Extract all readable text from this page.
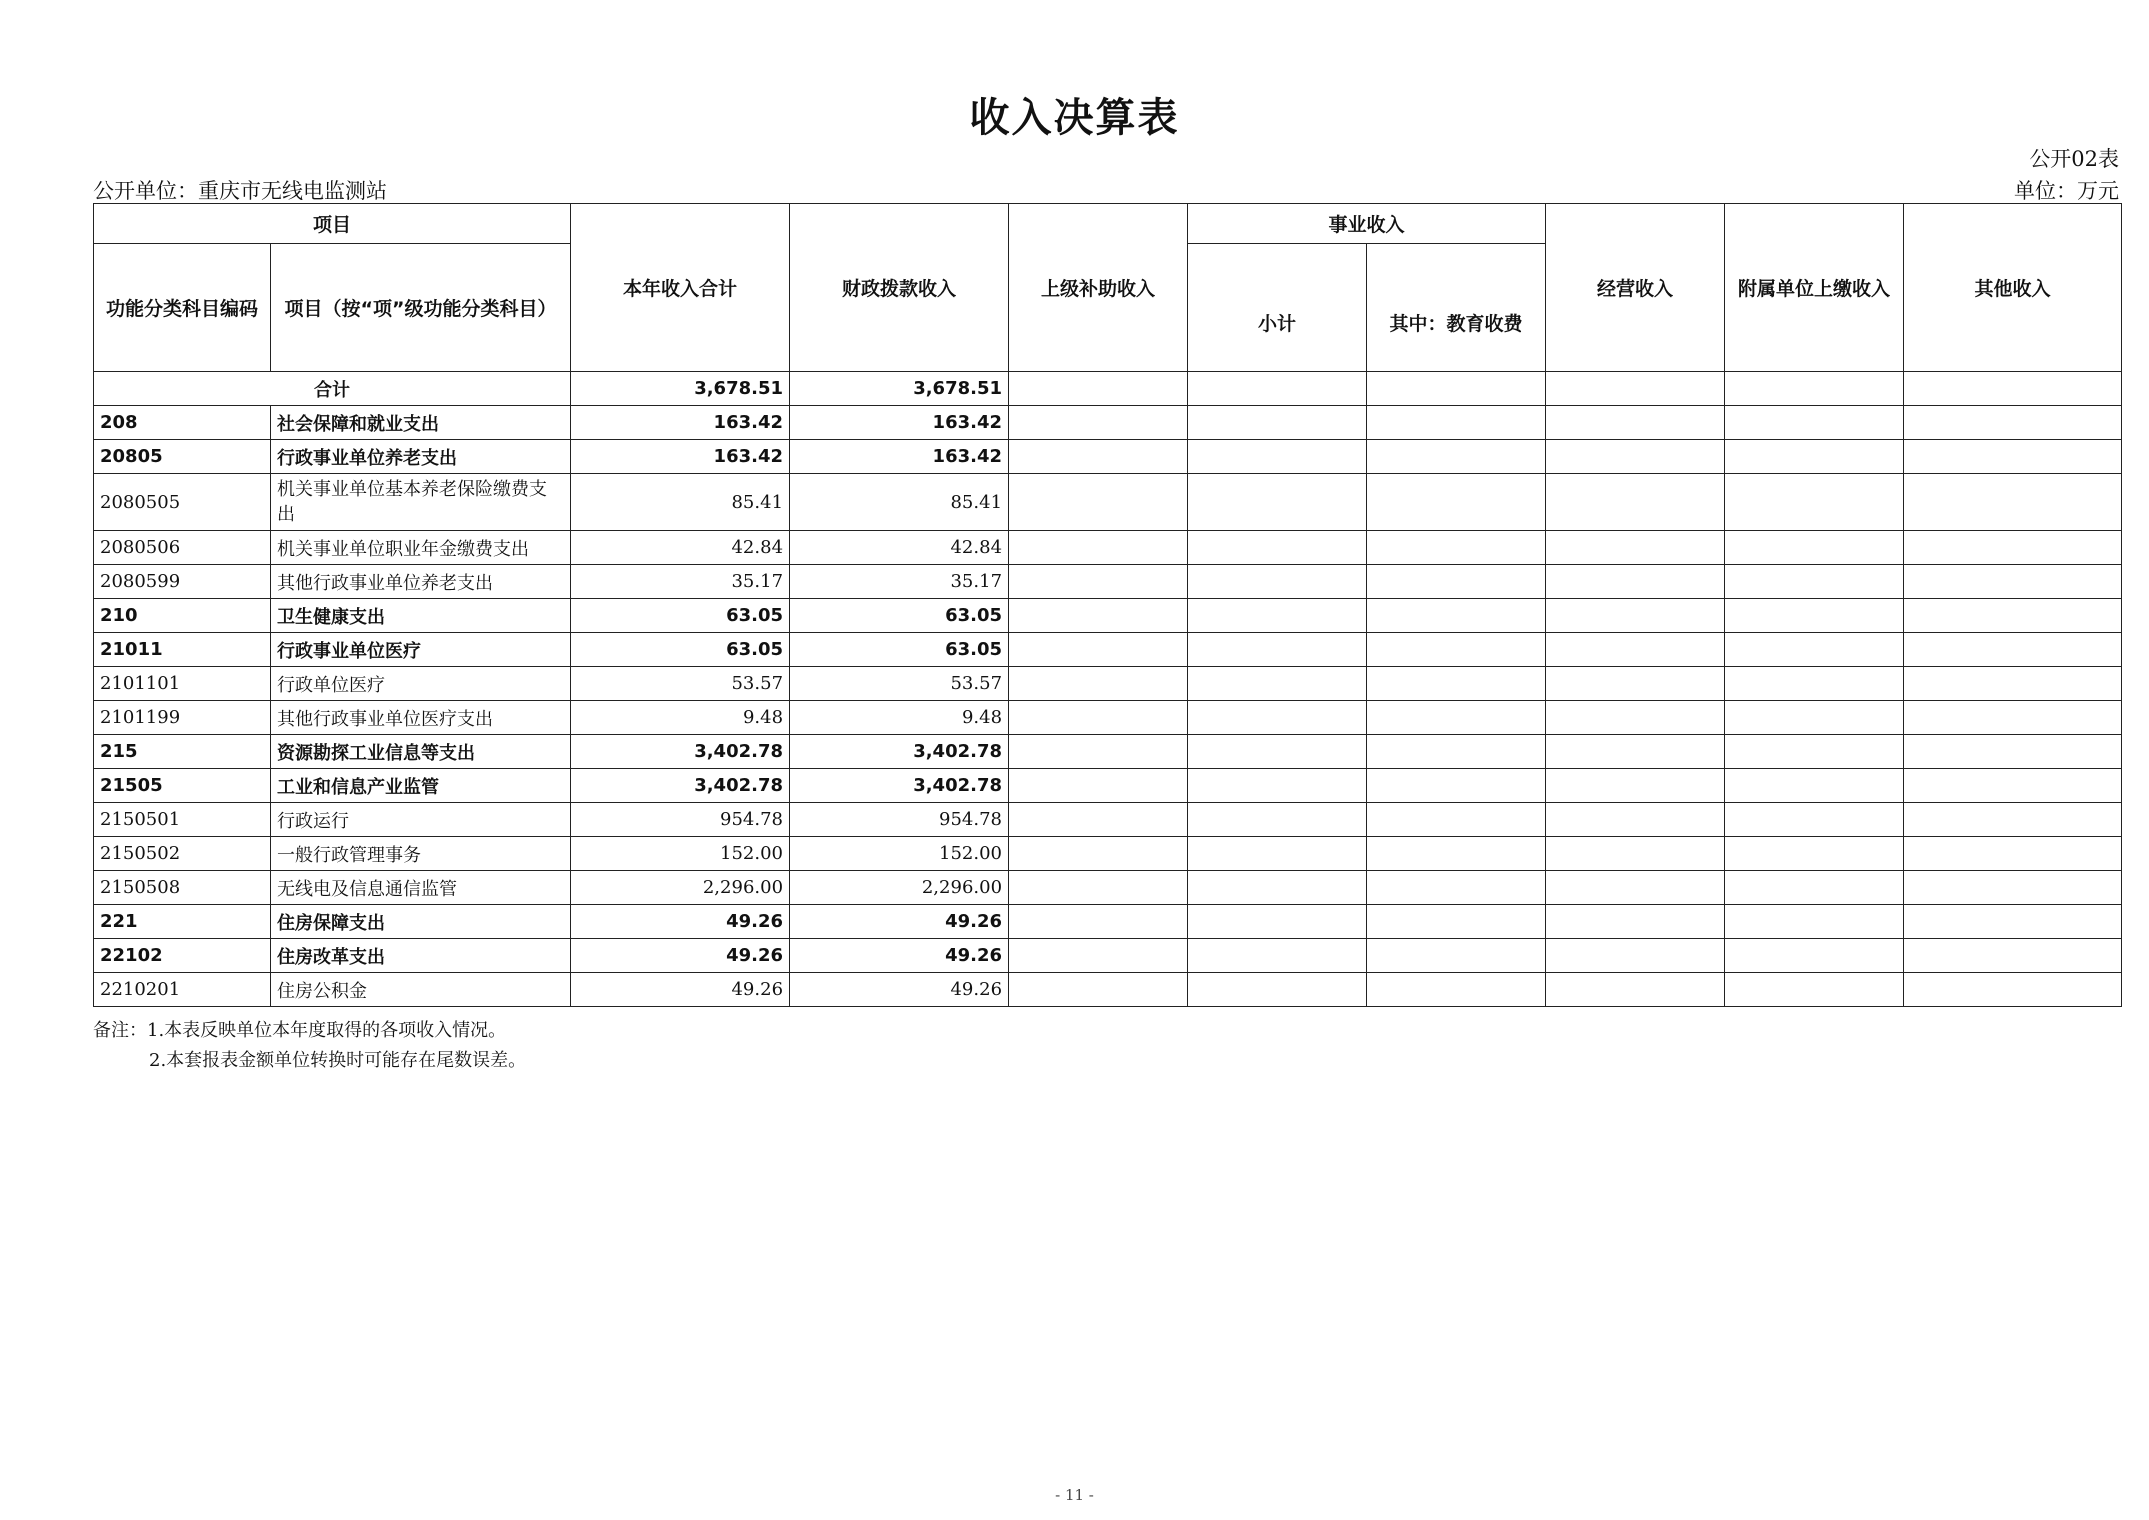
收入决算表
公开02表
公开单位：重庆市无线电监测站	单位：万元
项目		本年收入合计	财政拨款收入	上级补助收入	事业收入		经营收入	附属单位上缴收入	其他收入
功能分类科目编码	项目（按“项”级功能分类科目）				小计	其中：教育收费			
合计		3,678.51	3,678.51						
208	社会保障和就业支出	163.42	163.42						
20805	行政事业单位养老支出	163.42	163.42						
2080505	机关事业单位基本养老保险缴费支出	85.41	85.41						
2080506	机关事业单位职业年金缴费支出	42.84	42.84						
2080599	其他行政事业单位养老支出	35.17	35.17						
210	卫生健康支出	63.05	63.05						
21011	行政事业单位医疗	63.05	63.05						
2101101	行政单位医疗	53.57	53.57						
2101199	其他行政事业单位医疗支出	9.48	9.48						
215	资源勘探工业信息等支出	3,402.78	3,402.78						
21505	工业和信息产业监管	3,402.78	3,402.78						
2150501	行政运行	954.78	954.78						
2150502	一般行政管理事务	152.00	152.00						
2150508	无线电及信息通信监管	2,296.00	2,296.00						
221	住房保障支出	49.26	49.26						
22102	住房改革支出	49.26	49.26						
2210201	住房公积金	49.26	49.26						
备注：1.本表反映单位本年度取得的各项收入情况。
2.本套报表金额单位转换时可能存在尾数误差。
- 11 -
